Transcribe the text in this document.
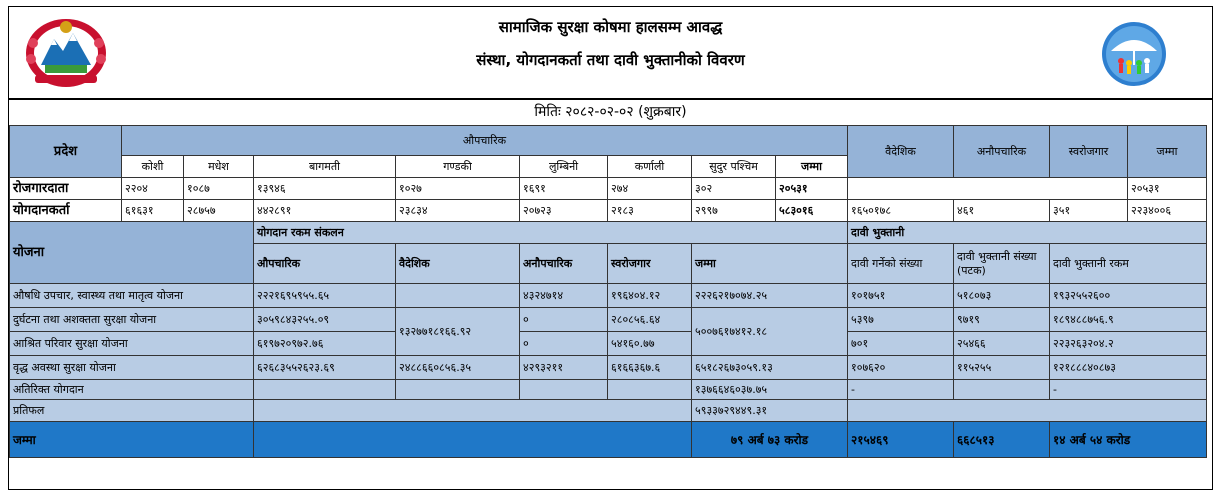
सामाजिक सुरक्षा कोषमा हालसम्म आवद्ध
संस्था, योगदानकर्ता तथा दावी भुक्तानीको विवरण
मितिः २०८२-०२-०२ (शुक्रबार)
प्रदेश	औपचारिक								वैदेशिक	अनौपचारिक	स्वरोजगार	जम्मा
	कोशी	मधेश	बागमती	गण्डकी	लुम्बिनी	कर्णाली	सुदुर पश्चिम	जम्मा				
रोजगारदाता	२२०४	१०८७	१३९४६	१०२७	१६९१	२७४	३०२	२०५३१				२०५३१
योगदानकर्ता	६१६३१	२८७५७	४४२८९१	२३८३४	२०७२३	२१८३	२९९७	५८३०१६	१६५०१७८	४६१	३५१	२२३४००६
योजना			योगदान रकम संकलन						दावी भुक्तानी			
			औपचारिक	वैदेशिक	अनौपचारिक	स्वरोजगार	जम्मा		दावी गर्नेको संख्या	दावी भुक्तानी संख्या (पटक)	दावी भुक्तानी रकम	
औषधि उपचार, स्वास्थ्य तथा मातृत्व योजना			२२२१६९५९५५.६५		४३२४७१४	१९६४०४.१२	२२२६२१७०७४.२५		१०१७५१	५१८०७३	१९३२५५२६००	
दुर्घटना तथा अशक्तता सुरक्षा योजना			३०५९८४३२५५.०९	१३२७७१८१६६.९२	०	२८०८५६.६४	५००७६१७४१२.१८		५३९७	९७१९	१८९४८८७५६.९	
आश्रित परिवार सुरक्षा योजना			६१९७२०९७२.७६		०	५४१६०.७७			७०१	२५४६६	२२३२६३२०४.२	
वृद्ध अवस्था सुरक्षा योजना			६२६८३५५२६२३.६९	२४८८६६०८५६.३५	४२९३२११	६१६६३६७.६	६५१८२६७३०५९.१३		१०७६२०	११५२५५	१२१८८८४०८७३	
अतिरिक्त योगदान							१३७६६४६०३७.७५		-		-	
प्रतिफल							५९३३७२९४४९.३१					
जम्मा							७९ अर्ब ७३ करोड		२१५४६९	६६८५१३	१४ अर्ब ५४ करोड	
